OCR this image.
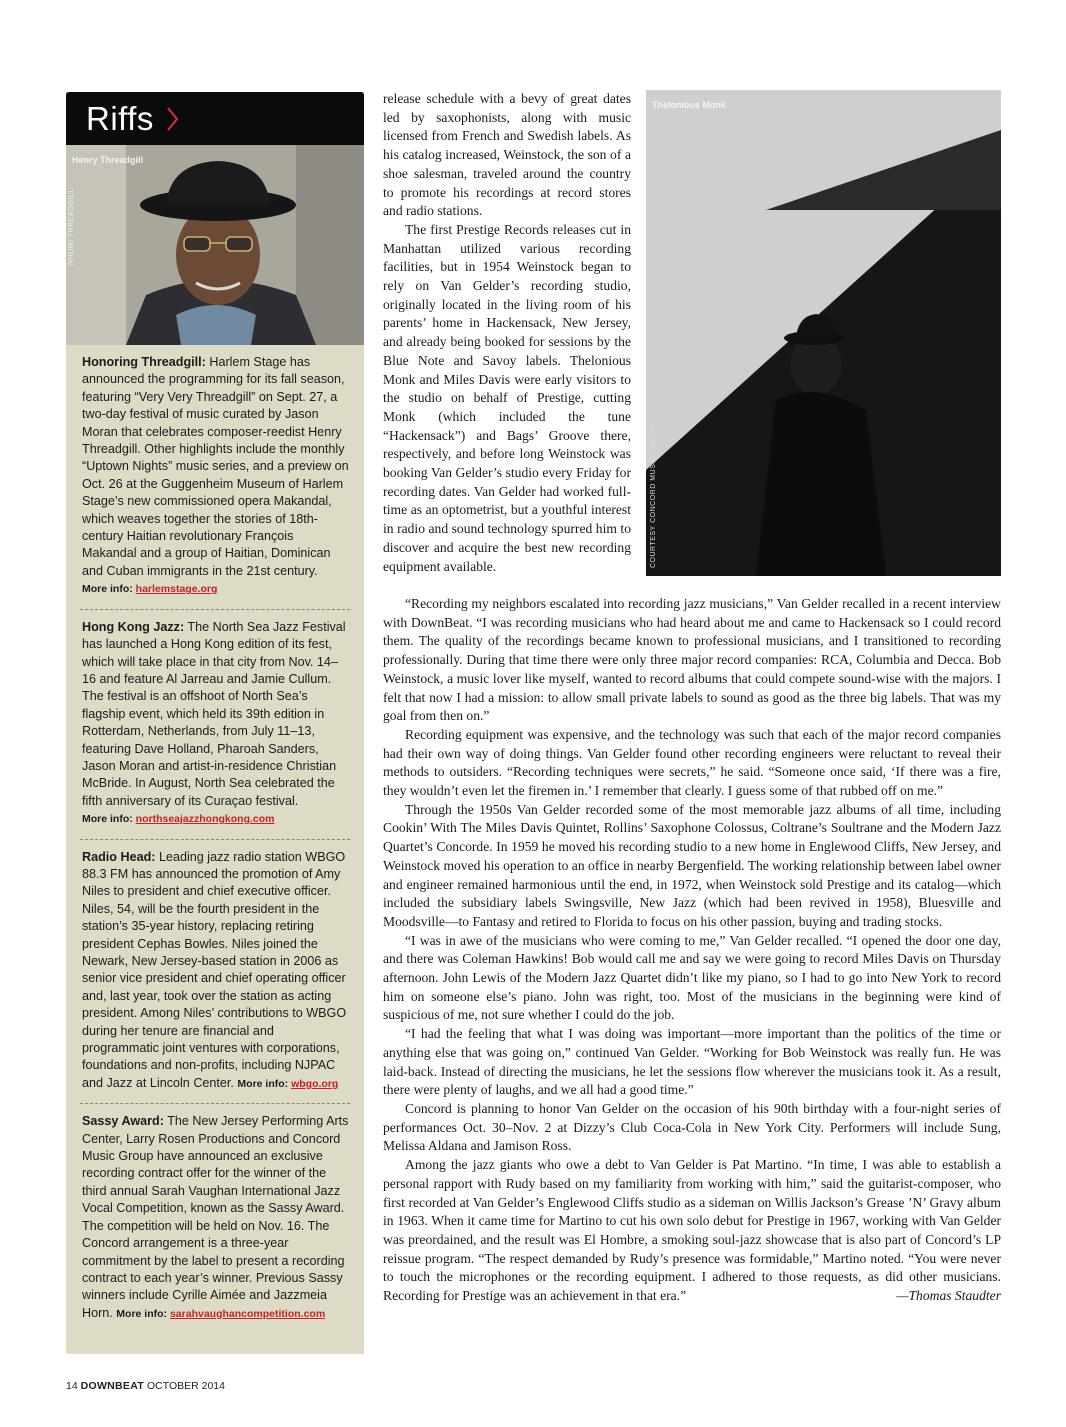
Riffs
Henry Threadgill
NHUMI THREADGILL
Honoring Threadgill: Harlem Stage has announced the programming for its fall season, featuring “Very Very Threadgill” on Sept. 27, a two-day festival of music curated by Jason Moran that celebrates composer-reedist Henry Threadgill. Other highlights include the monthly “Uptown Nights” music series, and a preview on Oct. 26 at the Guggenheim Museum of Harlem Stage’s new commissioned opera Makandal, which weaves together the stories of 18th-century Haitian revolutionary François Makandal and a group of Haitian, Dominican and Cuban immigrants in the 21st century.
More info: harlemstage.org
Hong Kong Jazz: The North Sea Jazz Festival has launched a Hong Kong edition of its fest, which will take place in that city from Nov. 14–16 and feature Al Jarreau and Jamie Cullum. The festival is an offshoot of North Sea’s flagship event, which held its 39th edition in Rotterdam, Netherlands, from July 11–13, featuring Dave Holland, Pharoah Sanders, Jason Moran and artist-in-residence Christian McBride. In August, North Sea celebrated the fifth anniversary of its Curaçao festival.
More info: northseajazzhongkong.com
Radio Head: Leading jazz radio station WBGO 88.3 FM has announced the promotion of Amy Niles to president and chief executive officer. Niles, 54, will be the fourth president in the station’s 35-year history, replacing retiring president Cephas Bowles. Niles joined the Newark, New Jersey-based station in 2006 as senior vice president and chief operating officer and, last year, took over the station as acting president. Among Niles’ contributions to WBGO during her tenure are financial and programmatic joint ventures with corporations, foundations and non-profits, including NJPAC and Jazz at Lincoln Center. More info: wbgo.org
Sassy Award: The New Jersey Performing Arts Center, Larry Rosen Productions and Concord Music Group have announced an exclusive recording contract offer for the winner of the third annual Sarah Vaughan International Jazz Vocal Competition, known as the Sassy Award. The competition will be held on Nov. 16. The Concord arrangement is a three-year commitment by the label to present a recording contract to each year’s winner. Previous Sassy winners include Cyrille Aimée and Jazzmeia Horn. More info: sarahvaughancompetition.com

release schedule with a bevy of great dates led by saxophonists, along with music licensed from French and Swedish labels. As his catalog increased, Weinstock, the son of a shoe salesman, traveled around the country to promote his recordings at record stores and radio stations.

The first Prestige Records releases cut in Manhattan utilized various recording facilities, but in 1954 Weinstock began to rely on Van Gelder’s recording studio, originally located in the living room of his parents’ home in Hackensack, New Jersey, and already being booked for sessions by the Blue Note and Savoy labels. Thelonious Monk and Miles Davis were early visitors to the studio on behalf of Prestige, cutting Monk (which included the tune “Hackensack”) and Bags’ Groove there, respectively, and before long Weinstock was booking Van Gelder’s studio every Friday for recording dates. Van Gelder had worked full-time as an optometrist, but a youthful interest in radio and sound technology spurred him to discover and acquire the best new recording equipment available.

Thelonious Monk
COURTESY CONCORD MUSIC GROUP

“Recording my neighbors escalated into recording jazz musicians,” Van Gelder recalled in a recent interview with DownBeat. “I was recording musicians who had heard about me and came to Hackensack so I could record them. The quality of the recordings became known to professional musicians, and I transitioned to recording professionally. During that time there were only three major record companies: RCA, Columbia and Decca. Bob Weinstock, a music lover like myself, wanted to record albums that could compete sound-wise with the majors. I felt that now I had a mission: to allow small private labels to sound as good as the three big labels. That was my goal from then on.”

Recording equipment was expensive, and the technology was such that each of the major record companies had their own way of doing things. Van Gelder found other recording engineers were reluctant to reveal their methods to outsiders. “Recording techniques were secrets,” he said. “Someone once said, ‘If there was a fire, they wouldn’t even let the firemen in.’ I remember that clearly. I guess some of that rubbed off on me.”

Through the 1950s Van Gelder recorded some of the most memorable jazz albums of all time, including Cookin’ With The Miles Davis Quintet, Rollins’ Saxophone Colossus, Coltrane’s Soultrane and the Modern Jazz Quartet’s Concorde. In 1959 he moved his recording studio to a new home in Englewood Cliffs, New Jersey, and Weinstock moved his operation to an office in nearby Bergenfield. The working relationship between label owner and engineer remained harmonious until the end, in 1972, when Weinstock sold Prestige and its catalog—which included the subsidiary labels Swingsville, New Jazz (which had been revived in 1958), Bluesville and Moodsville—to Fantasy and retired to Florida to focus on his other passion, buying and trading stocks.

“I was in awe of the musicians who were coming to me,” Van Gelder recalled. “I opened the door one day, and there was Coleman Hawkins! Bob would call me and say we were going to record Miles Davis on Thursday afternoon. John Lewis of the Modern Jazz Quartet didn’t like my piano, so I had to go into New York to record him on someone else’s piano. John was right, too. Most of the musicians in the beginning were kind of suspicious of me, not sure whether I could do the job.

“I had the feeling that what I was doing was important—more important than the politics of the time or anything else that was going on,” continued Van Gelder. “Working for Bob Weinstock was really fun. He was laid-back. Instead of directing the musicians, he let the sessions flow wherever the musicians took it. As a result, there were plenty of laughs, and we all had a good time.”

Concord is planning to honor Van Gelder on the occasion of his 90th birthday with a four-night series of performances Oct. 30–Nov. 2 at Dizzy’s Club Coca-Cola in New York City. Performers will include Sung, Melissa Aldana and Jamison Ross.

Among the jazz giants who owe a debt to Van Gelder is Pat Martino. “In time, I was able to establish a personal rapport with Rudy based on my familiarity from working with him,” said the guitarist-composer, who first recorded at Van Gelder’s Englewood Cliffs studio as a sideman on Willis Jackson’s Grease ’N’ Gravy album in 1963. When it came time for Martino to cut his own solo debut for Prestige in 1967, working with Van Gelder was preordained, and the result was El Hombre, a smoking soul-jazz showcase that is also part of Concord’s LP reissue program. “The respect demanded by Rudy’s presence was formidable,” Martino noted. “You were never to touch the microphones or the recording equipment. I adhered to those requests, as did other musicians. Recording for Prestige was an achievement in that era.”	—Thomas Staudter
14 DOWNBEAT OCTOBER 2014
